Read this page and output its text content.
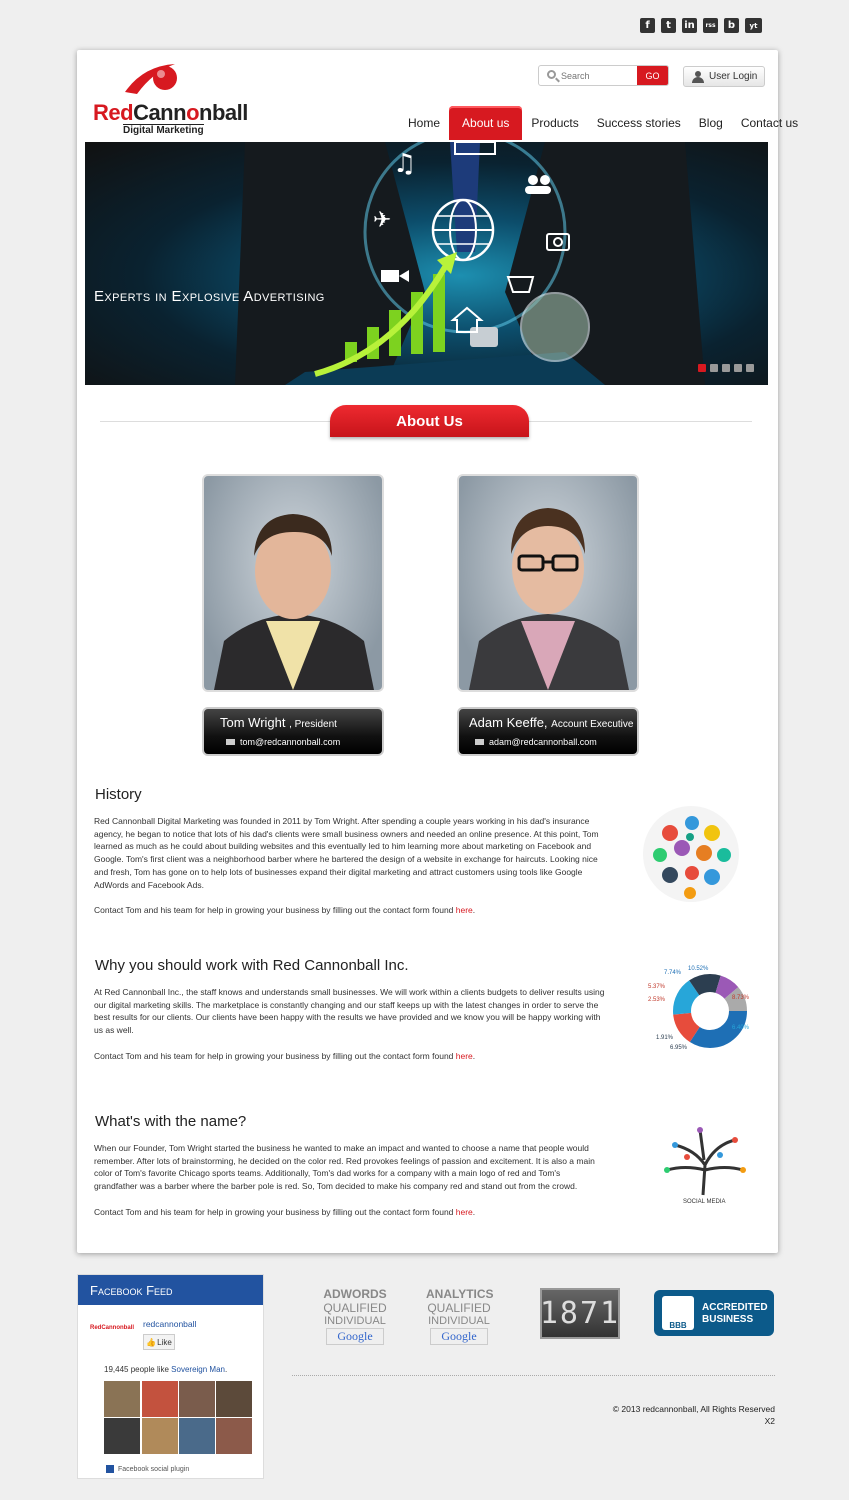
f	t	in	rss	b	yt
RedCannonball
Digital Marketing
Search
GO	User Login
Home	About us	Products	Success stories	Blog	Contact us
♫
✈
Experts in Explosive Advertising
About Us
Tom Wright , President
tom@redcannonball.com
Adam Keeffe, Account Executive
adam@redcannonball.com
History

Red Cannonball Digital Marketing was founded in 2011 by Tom Wright. After spending a couple years working in his dad's insurance agency, he began to notice that lots of his dad's clients were small business owners and needed an online presence. At this point, Tom learned as much as he could about building websites and this eventually led to him learning more about marketing on Facebook and Google. Tom's first client was a neighborhood barber where he bartered the design of a website in exchange for haircuts. Looking nice and fresh, Tom has gone on to help lots of businesses expand their digital marketing and attract customers using tools like Google AdWords and Facebook Ads.

Contact Tom and his team for help in growing your business by filling out the contact form found here.

Why you should work with Red Cannonball Inc.

At Red Cannonball Inc., the staff knows and understands small businesses. We will work within a clients budgets to deliver results using our digital marketing skills. The marketplace is constantly changing and our staff keeps up with the latest changes in order to serve the best results for our clients. Our clients have been happy with the results we have provided and we know you will be happy working with us as well.

Contact Tom and his team for help in growing your business by filling out the contact form found here.

What's with the name?

When our Founder, Tom Wright started the business he wanted to make an impact and wanted to choose a name that people would remember. After lots of brainstorming, he decided on the color red. Red provokes feelings of passion and excitement. It is also a main color of Tom's favorite Chicago sports teams. Additionally, Tom's dad works for a company with a main logo of red and Tom's grandfather was a barber where the barber pole is red. So, Tom decided to make his company red and stand out from the crowd.

Contact Tom and his team for help in growing your business by filling out the contact form found here.

7.74%
10.52%
5.37%
2.53%
1.91%
6.95%
8.73%
6.40%
SOCIAL MEDIA
Facebook Feed
RedCannonball redcannonball
👍 Like
19,445 people like Sovereign Man.
Facebook social plugin
ADWORDS
QUALIFIED
INDIVIDUAL
Google
ANALYTICS
QUALIFIED
INDIVIDUAL
Google
1871	BBB
ACCREDITED
BUSINESS
© 2013 redcannonball, All Rights Reserved
X2
